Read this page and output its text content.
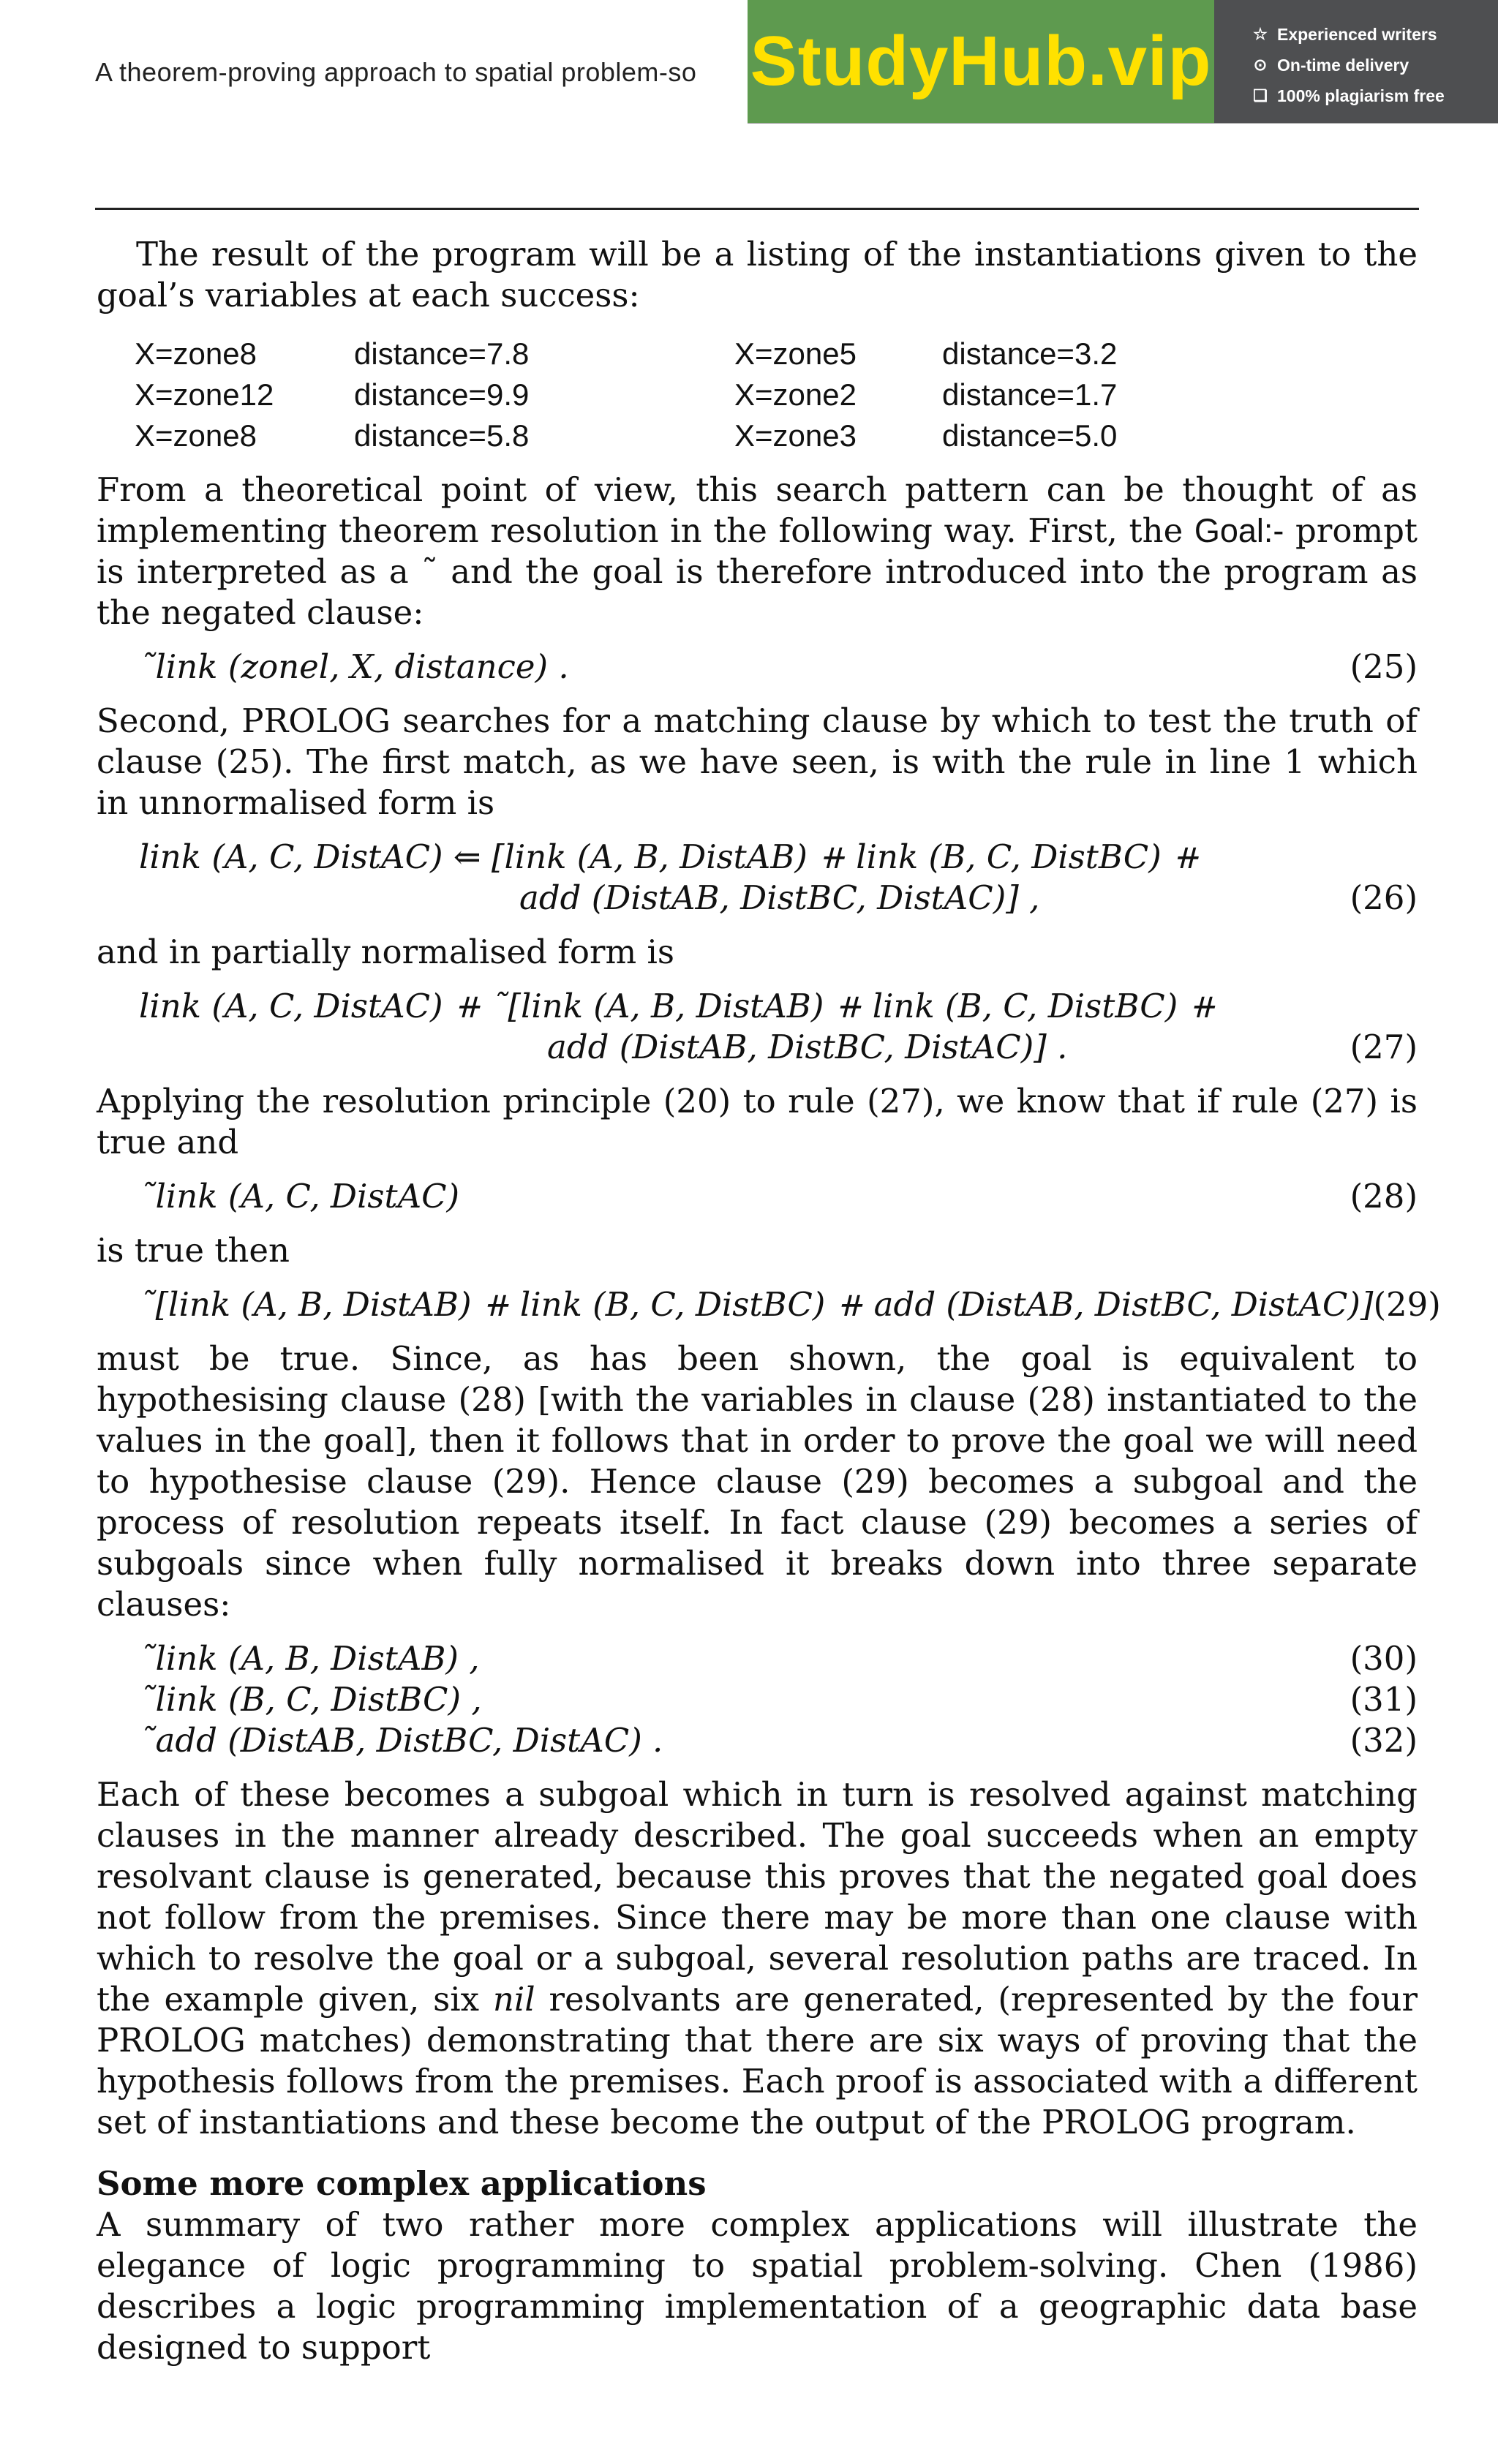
A theorem-proving approach to spatial problem-so StudyHub.vip	☆ Experienced writers
⊙ On-time delivery
❏ 100% plagiarism free

The result of the program will be a listing of the instantiations given to the goal’s variables at each success:

X=zone8	distance=7.8	X=zone5	distance=3.2
X=zone12	distance=9.9	X=zone2	distance=1.7
X=zone8	distance=5.8	X=zone3	distance=5.0

From a theoretical point of view, this search pattern can be thought of as implementing theorem resolution in the following way. First, the Goal:- prompt is interpreted as a ˜ and the goal is therefore introduced into the program as the negated clause:

˜link (zonel, X, distance) .	(25)

Second, PROLOG searches for a matching clause by which to test the truth of clause (25). The first match, as we have seen, is with the rule in line 1 which in unnormalised form is

link (A, C, DistAC) ⇐ [link (A, B, DistAB) ⧺ link (B, C, DistBC) ⧺
add (DistAB, DistBC, DistAC)] ,	(26)

and in partially normalised form is

link (A, C, DistAC) ⧺ ˜[link (A, B, DistAB) ⧺ link (B, C, DistBC) ⧺
add (DistAB, DistBC, DistAC)] .	(27)

Applying the resolution principle (20) to rule (27), we know that if rule (27) is true and

˜link (A, C, DistAC)	(28)

is true then

˜[link (A, B, DistAB) ⧺ link (B, C, DistBC) ⧺ add (DistAB, DistBC, DistAC)] (29)

must be true. Since, as has been shown, the goal is equivalent to hypothesising clause (28) [with the variables in clause (28) instantiated to the values in the goal], then it follows that in order to prove the goal we will need to hypothesise clause (29). Hence clause (29) becomes a subgoal and the process of resolution repeats itself. In fact clause (29) becomes a series of subgoals since when fully normalised it breaks down into three separate clauses:

˜link (A, B, DistAB) ,	(30)
˜link (B, C, DistBC) ,	(31)
˜add (DistAB, DistBC, DistAC) .	(32)

Each of these becomes a subgoal which in turn is resolved against matching clauses in the manner already described. The goal succeeds when an empty resolvant clause is generated, because this proves that the negated goal does not follow from the premises. Since there may be more than one clause with which to resolve the goal or a subgoal, several resolution paths are traced. In the example given, six nil resolvants are generated, (represented by the four PROLOG matches) demonstrating that there are six ways of proving that the hypothesis follows from the premises. Each proof is associated with a different set of instantiations and these become the output of the PROLOG program.

Some more complex applications

A summary of two rather more complex applications will illustrate the elegance of logic programming to spatial problem-solving. Chen (1986) describes a logic programming implementation of a geographic data base designed to support
